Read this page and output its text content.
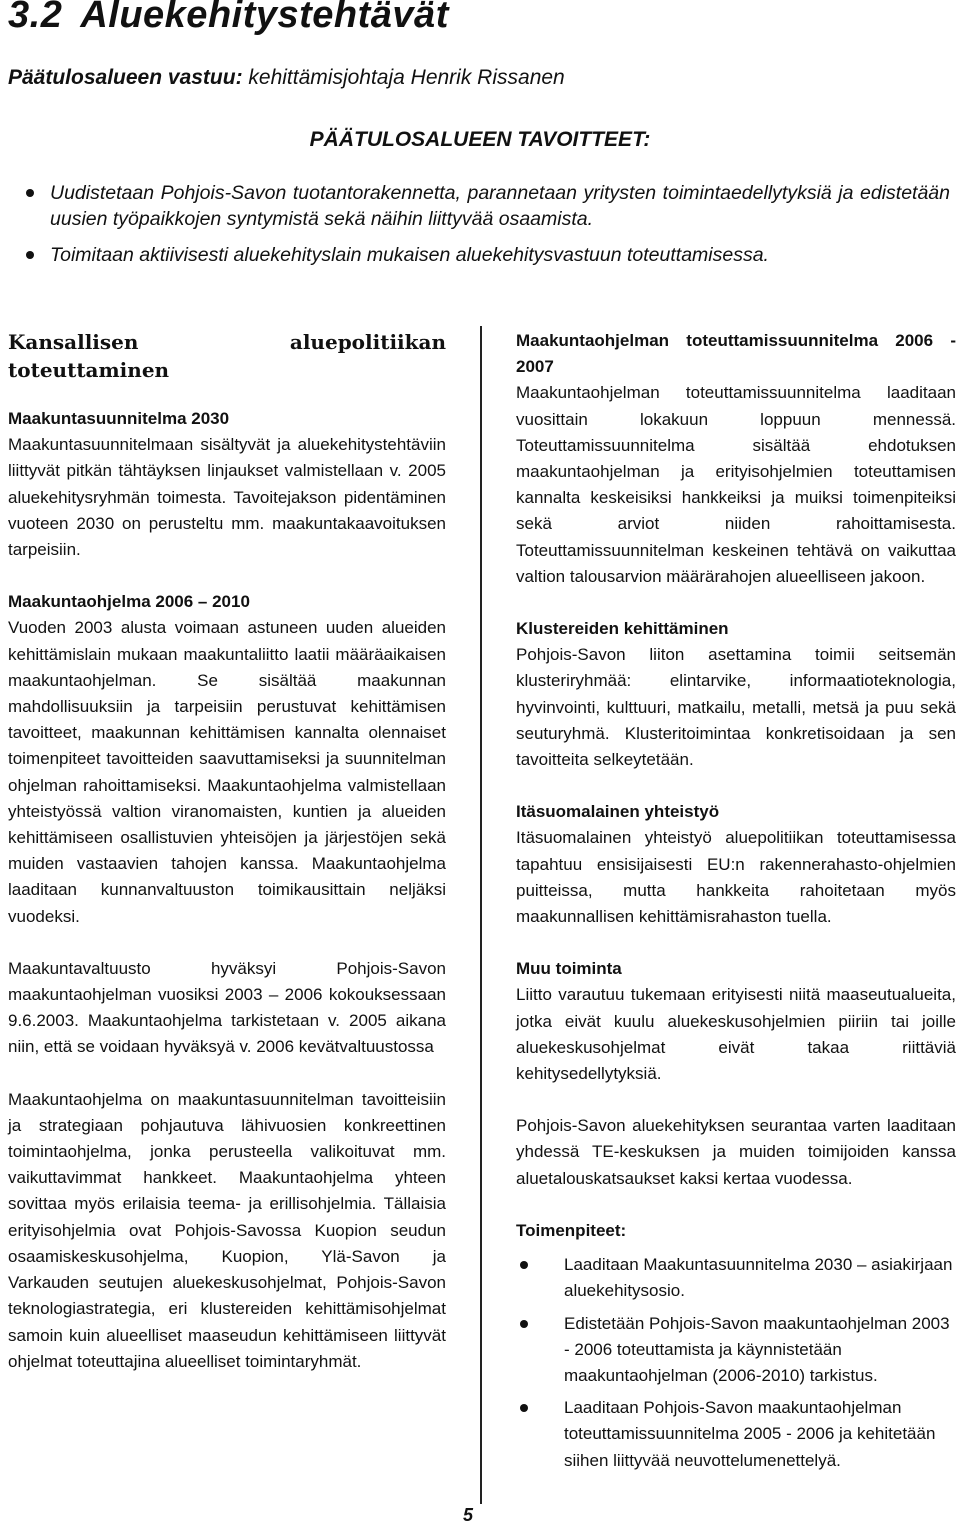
3.2 Aluekehitystehtävät

Päätulosalueen vastuu: kehittämisjohtaja Henrik Rissanen

PÄÄTULOSALUEEN TAVOITTEET:
Uudistetaan Pohjois-Savon tuotantorakennetta, parannetaan yritysten toimintaedellytyksiä ja edistetään uusien työpaikkojen syntymistä sekä näihin liittyvää osaamista.
Toimitaan aktiivisesti aluekehityslain mukaisen aluekehitysvastuun toteuttamisessa.
Kansallisen aluepolitiikan toteuttaminen

Maakuntasuunnitelma 2030

Maakuntasuunnitelmaan sisältyvät ja aluekehitystehtäviin liittyvät pitkän tähtäyksen linjaukset valmistellaan v. 2005 aluekehitysryhmän toimesta. Tavoitejakson pidentäminen vuoteen 2030 on perusteltu mm. maakuntakaavoituksen tarpeisiin.

Maakuntaohjelma 2006 – 2010

Vuoden 2003 alusta voimaan astuneen uuden alueiden kehittämislain mukaan maakuntaliitto laatii määräaikaisen maakuntaohjelman. Se sisältää maakunnan mahdollisuuksiin ja tarpeisiin perustuvat kehittämisen tavoitteet, maakunnan kehittämisen kannalta olennaiset toimenpiteet tavoitteiden saavuttamiseksi ja suunnitelman ohjelman rahoittamiseksi. Maakuntaohjelma valmistellaan yhteistyössä valtion viranomaisten, kuntien ja alueiden kehittämiseen osallistuvien yhteisöjen ja järjestöjen sekä muiden vastaavien tahojen kanssa. Maakuntaohjelma laaditaan kunnanvaltuuston toimikausittain neljäksi vuodeksi.

Maakuntavaltuusto hyväksyi Pohjois-Savon maakuntaohjelman vuosiksi 2003 – 2006 kokouksessaan 9.6.2003. Maakuntaohjelma tarkistetaan v. 2005 aikana niin, että se voidaan hyväksyä v. 2006 kevätvaltuustossa

Maakuntaohjelma on maakuntasuunnitelman tavoitteisiin ja strategiaan pohjautuva lähivuosien konkreettinen toimintaohjelma, jonka perusteella valikoituvat mm. vaikuttavimmat hankkeet. Maakuntaohjelma yhteen sovittaa myös erilaisia teema- ja erillisohjelmia. Tällaisia erityisohjelmia ovat Pohjois-Savossa Kuopion seudun osaamiskeskusohjelma, Kuopion, Ylä-Savon ja Varkauden seutujen aluekeskusohjelmat, Pohjois-Savon teknologiastrategia, eri klustereiden kehittämisohjelmat samoin kuin alueelliset maaseudun kehittämiseen liittyvät ohjelmat toteuttajina alueelliset toimintaryhmät.

Maakuntaohjelman toteuttamissuunnitelma 2006 - 2007

Maakuntaohjelman toteuttamissuunnitelma laaditaan vuosittain lokakuun loppuun mennessä. Toteuttamissuunnitelma sisältää ehdotuksen maakuntaohjelman ja erityisohjelmien toteuttamisen kannalta keskeisiksi hankkeiksi ja muiksi toimenpiteiksi sekä arviot niiden rahoittamisesta. Toteuttamissuunnitelman keskeinen tehtävä on vaikuttaa valtion talousarvion määrärahojen alueelliseen jakoon.

Klustereiden kehittäminen

Pohjois-Savon liiton asettamina toimii seitsemän klusteriryhmää: elintarvike, informaatioteknologia, hyvinvointi, kulttuuri, matkailu, metalli, metsä ja puu sekä seuturyhmä. Klusteritoimintaa konkretisoidaan ja sen tavoitteita selkeytetään.

Itäsuomalainen yhteistyö

Itäsuomalainen yhteistyö aluepolitiikan toteuttamisessa tapahtuu ensisijaisesti EU:n rakennerahasto-ohjelmien puitteissa, mutta hankkeita rahoitetaan myös maakunnallisen kehittämisrahaston tuella.

Muu toiminta

Liitto varautuu tukemaan erityisesti niitä maaseutualueita, jotka eivät kuulu aluekeskusohjelmien piiriin tai joille aluekeskusohjelmat eivät takaa riittäviä kehitysedellytyksiä.

Pohjois-Savon aluekehityksen seurantaa varten laaditaan yhdessä TE-keskuksen ja muiden toimijoiden kanssa aluetalouskatsaukset kaksi kertaa vuodessa.

Toimenpiteet:

Laaditaan Maakuntasuunnitelma 2030 – asiakirjaan aluekehitysosio.
Edistetään Pohjois-Savon maakuntaohjelman 2003 - 2006 toteuttamista ja käynnistetään maakuntaohjelman (2006-2010) tarkistus.
Laaditaan Pohjois-Savon maakuntaohjelman toteuttamissuunnitelma 2005 - 2006 ja kehitetään siihen liittyvää neuvottelumenettelyä.
5
